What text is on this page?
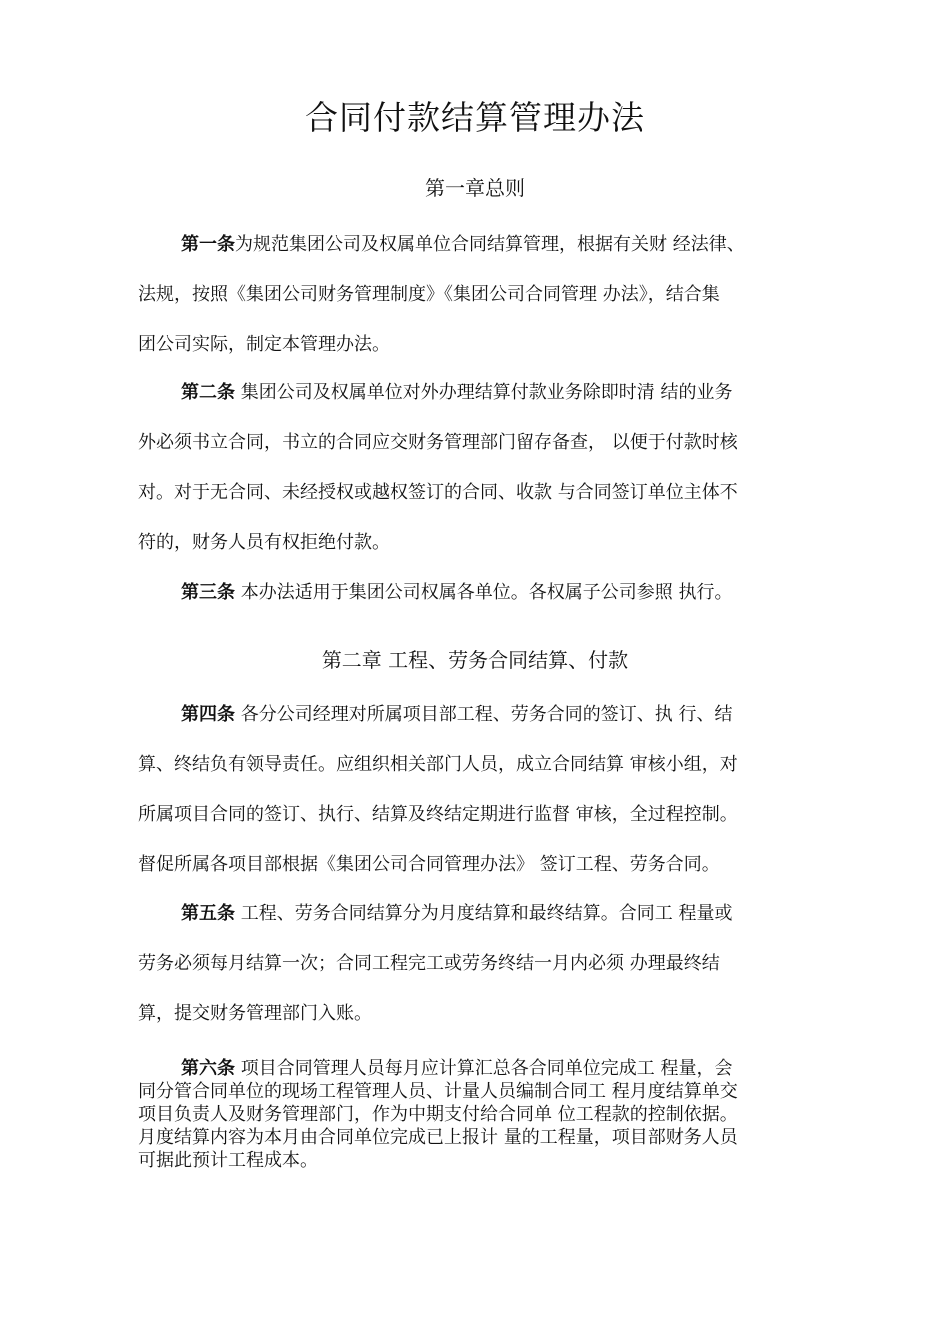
合同付款结算管理办法
第一章总则
第一条为规范集团公司及权属单位合同结算管理，根据有关财 经法律、
法规，按照《集团公司财务管理制度》《集团公司合同管理 办法》，结合集
团公司实际，制定本管理办法。
第二条 集团公司及权属单位对外办理结算付款业务除即时清 结的业务
外必须书立合同，书立的合同应交财务管理部门留存备查， 以便于付款时核
对。对于无合同、未经授权或越权签订的合同、收款 与合同签订单位主体不
符的，财务人员有权拒绝付款。
第三条 本办法适用于集团公司权属各单位。各权属子公司参照 执行。
第二章 工程、劳务合同结算、付款
第四条 各分公司经理对所属项目部工程、劳务合同的签订、执 行、结
算、终结负有领导责任。应组织相关部门人员，成立合同结算 审核小组，对
所属项目合同的签订、执行、结算及终结定期进行监督 审核，全过程控制。
督促所属各项目部根据《集团公司合同管理办法》 签订工程、劳务合同。
第五条 工程、劳务合同结算分为月度结算和最终结算。合同工 程量或
劳务必须每月结算一次；合同工程完工或劳务终结一月内必须 办理最终结
算，提交财务管理部门入账。
第六条 项目合同管理人员每月应计算汇总各合同单位完成工 程量，会
同分管合同单位的现场工程管理人员、计量人员编制合同工 程月度结算单交
项目负责人及财务管理部门，作为中期支付给合同单 位工程款的控制依据。
月度结算内容为本月由合同单位完成已上报计 量的工程量，项目部财务人员
可据此预计工程成本。
